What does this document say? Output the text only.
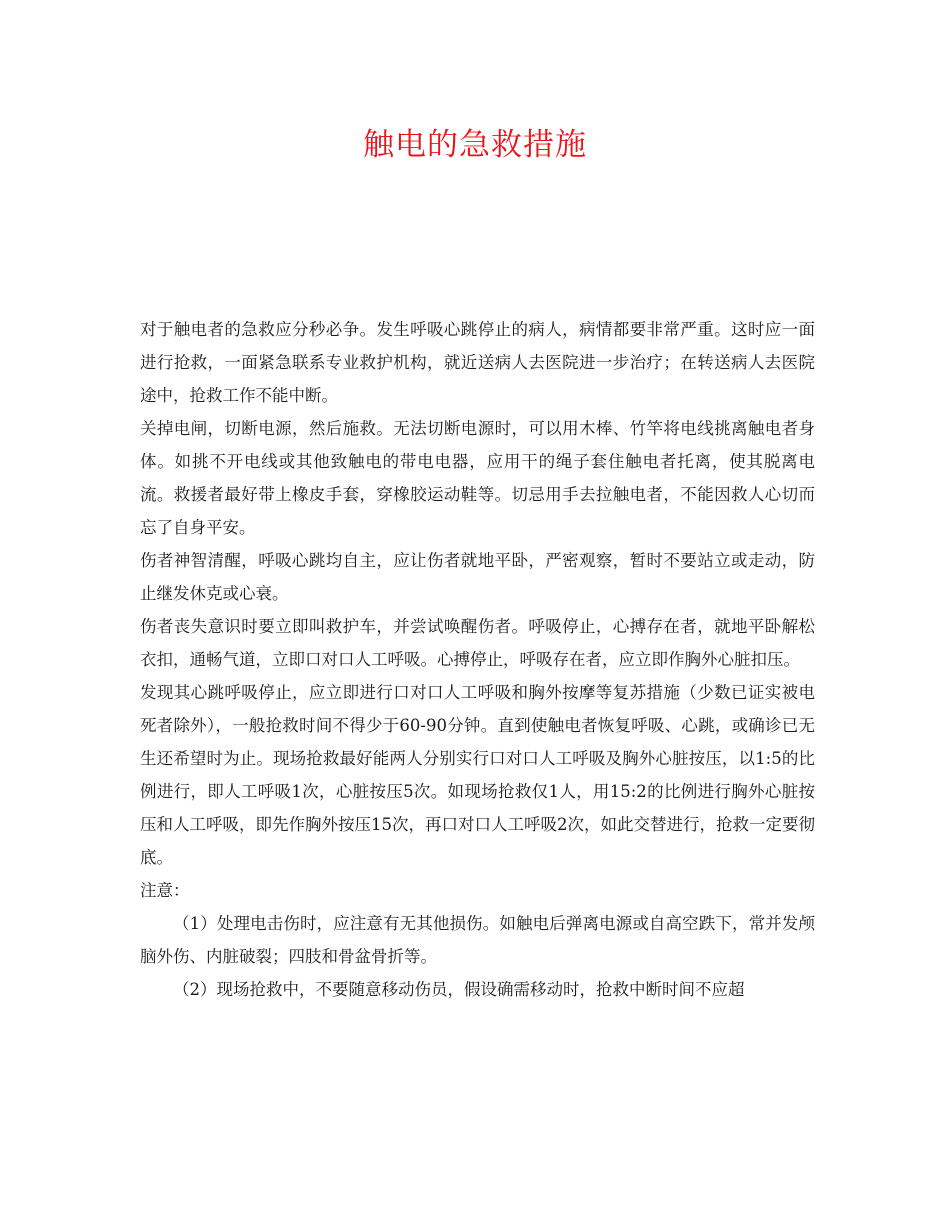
触电的急救措施

对于触电者的急救应分秒必争。发生呼吸心跳停止的病人，病情都要非常严重。这时应一面进行抢救，一面紧急联系专业救护机构，就近送病人去医院进一步治疗；在转送病人去医院途中，抢救工作不能中断。

关掉电闸，切断电源，然后施救。无法切断电源时，可以用木棒、竹竿将电线挑离触电者身体。如挑不开电线或其他致触电的带电电器，应用干的绳子套住触电者托离，使其脱离电流。救援者最好带上橡皮手套，穿橡胶运动鞋等。切忌用手去拉触电者，不能因救人心切而忘了自身平安。

伤者神智清醒，呼吸心跳均自主，应让伤者就地平卧，严密观察，暂时不要站立或走动，防止继发休克或心衰。

伤者丧失意识时要立即叫救护车，并尝试唤醒伤者。呼吸停止，心搏存在者，就地平卧解松衣扣，通畅气道，立即口对口人工呼吸。心搏停止，呼吸存在者，应立即作胸外心脏扣压。

发现其心跳呼吸停止，应立即进行口对口人工呼吸和胸外按摩等复苏措施（少数已证实被电死者除外），一般抢救时间不得少于60-90分钟。直到使触电者恢复呼吸、心跳，或确诊已无生还希望时为止。现场抢救最好能两人分别实行口对口人工呼吸及胸外心脏按压，以1:5的比例进行，即人工呼吸1次，心脏按压5次。如现场抢救仅1人，用15:2的比例进行胸外心脏按压和人工呼吸，即先作胸外按压15次，再口对口人工呼吸2次，如此交替进行，抢救一定要彻底。

注意：

（1）处理电击伤时，应注意有无其他损伤。如触电后弹离电源或自高空跌下，常并发颅脑外伤、内脏破裂；四肢和骨盆骨折等。

（2）现场抢救中，不要随意移动伤员，假设确需移动时，抢救中断时间不应超
